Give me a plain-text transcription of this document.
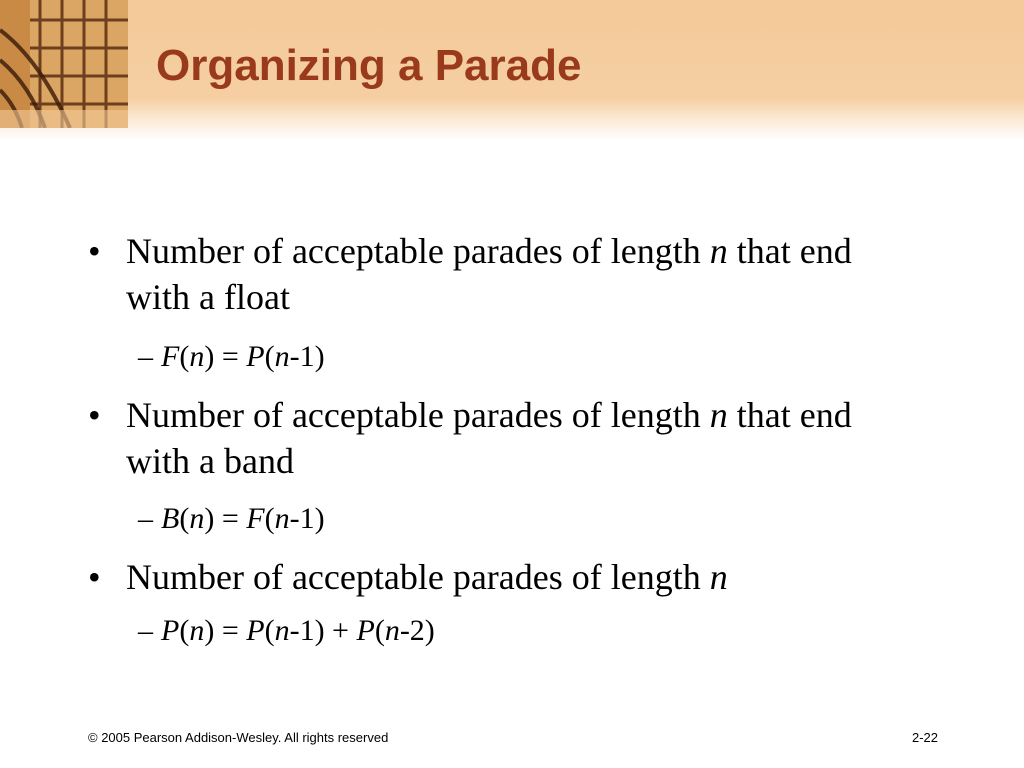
Organizing a Parade
• Number of acceptable parades of length n that end with a float
– F(n) = P(n-1)
• Number of acceptable parades of length n that end with a band
– B(n) = F(n-1)
• Number of acceptable parades of length n
– P(n) = P(n-1) + P(n-2)
© 2005 Pearson Addison-Wesley. All rights reserved	2-22
